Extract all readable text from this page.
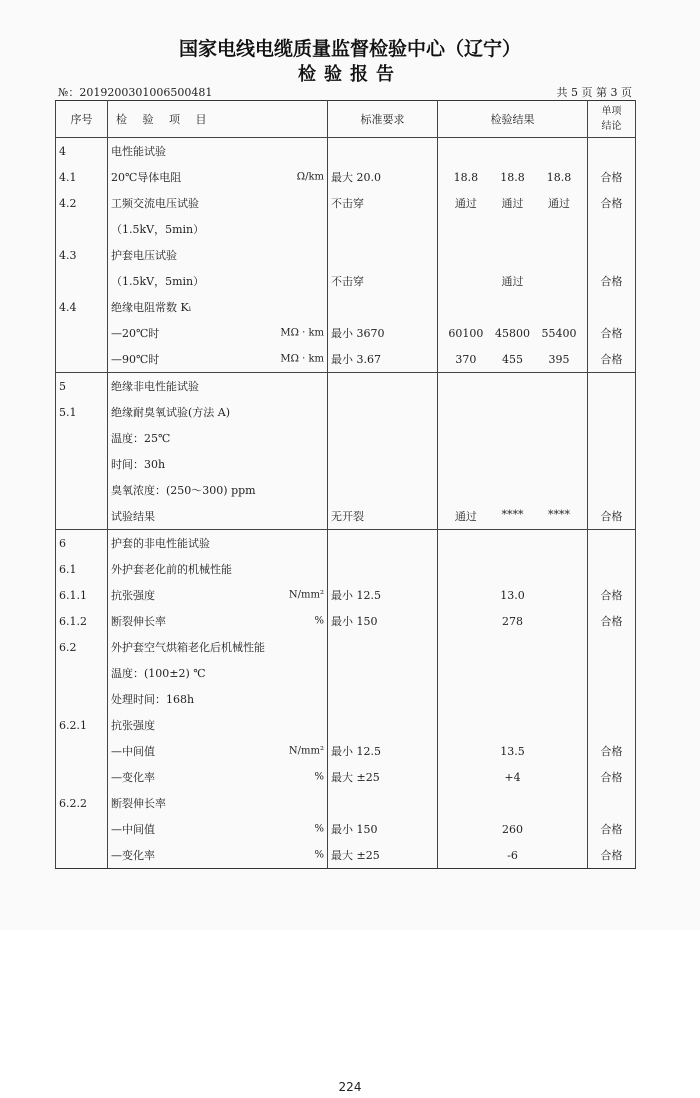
国家电线电缆质量监督检验中心（辽宁）
检验报告
№：2019200301006500481	共 5 页 第 3 页
序号	检 验 项 目	标准要求	检验结果	单项
结论

4	电性能试验			
4.1	20℃导体电阻 Ω/km	最大 20.0	18.8 18.8 18.8	合格
4.2	工频交流电压试验	不击穿	通过 通过 通过	合格
	（1.5kV，5min）			
4.3	护套电压试验			
	（1.5kV，5min）	不击穿	通过	合格
4.4	绝缘电阻常数 Kᵢ			
	—20℃时 MΩ · km	最小 3670	60100 45800 55400	合格
	—90℃时 MΩ · km	最小 3.67	370 455 395	合格
5	绝缘非电性能试验			
5.1	绝缘耐臭氧试验(方法 A)			
	温度：25℃			
	时间：30h			
	臭氧浓度：(250～300) ppm			
	试验结果	无开裂	通过 **** ****	合格
6	护套的非电性能试验			
6.1	外护套老化前的机械性能			
6.1.1	抗张强度 N/mm²	最小 12.5	13.0	合格
6.1.2	断裂伸长率 %	最小 150	278	合格
6.2	外护套空气烘箱老化后机械性能			
	温度：(100±2) ℃			
	处理时间：168h			
6.2.1	抗张强度			
	—中间值 N/mm²	最小 12.5	13.5	合格
	—变化率 %	最大 ±25	+4	合格
6.2.2	断裂伸长率			
	—中间值 %	最小 150	260	合格
	—变化率 %	最大 ±25	-6	合格
224
